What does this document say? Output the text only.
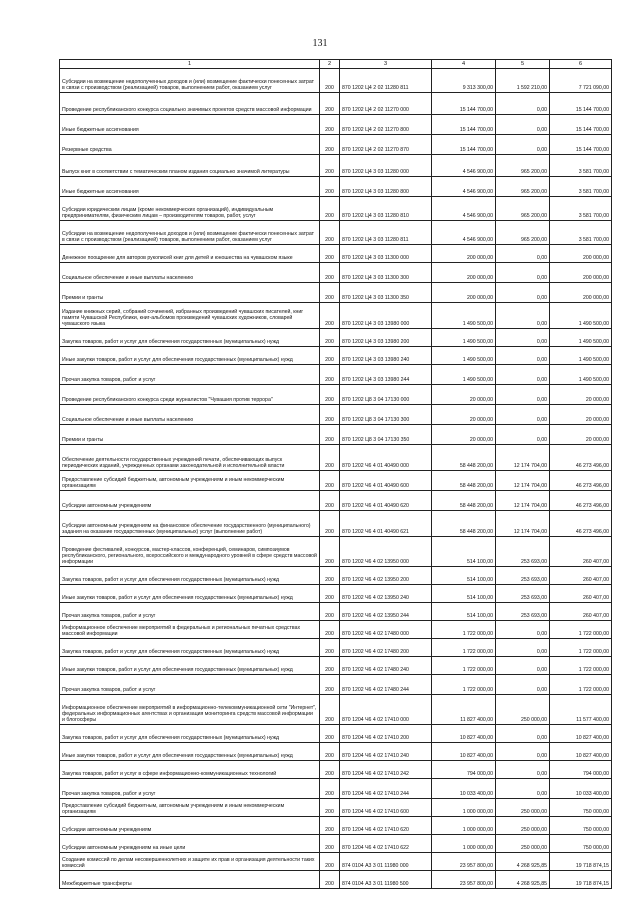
131
1	2	3	4	5	6
Субсидии на возмещение недополученных доходов и (или) возмещение фактически понесенных затрат в связи с производством (реализацией) товаров, выполнением работ, оказанием услуг	200	870 1202 Ц4 2 02 11280 811	9 313 300,00	1 592 210,00	7 721 090,00
Проведение республиканского конкурса социально значимых проектов средств массовой информации	200	870 1202 Ц4 2 02 11270 000	15 144 700,00	0,00	15 144 700,00
Иные бюджетные ассигнования	200	870 1202 Ц4 2 02 11270 800	15 144 700,00	0,00	15 144 700,00
Резервные средства	200	870 1202 Ц4 2 02 11270 870	15 144 700,00	0,00	15 144 700,00
Выпуск книг в соответствии с тематическим планом издания социально значимой литературы	200	870 1202 Ц4 3 03 11280 000	4 546 900,00	965 200,00	3 581 700,00
Иные бюджетные ассигнования	200	870 1202 Ц4 3 03 11280 800	4 546 900,00	965 200,00	3 581 700,00
Субсидии юридическим лицам (кроме некоммерческих организаций), индивидуальным предпринимателям, физическим лицам – производителям товаров, работ, услуг	200	870 1202 Ц4 3 03 11280 810	4 546 900,00	965 200,00	3 581 700,00
Субсидии на возмещение недополученных доходов и (или) возмещение фактически понесенных затрат в связи с производством (реализацией) товаров, выполнением работ, оказанием услуг	200	870 1202 Ц4 3 03 11280 811	4 546 900,00	965 200,00	3 581 700,00
Денежное поощрение для авторов рукописей книг для детей и юношества на чувашском языке	200	870 1202 Ц4 3 03 11300 000	200 000,00	0,00	200 000,00
Социальное обеспечение и иные выплаты населению	200	870 1202 Ц4 3 03 11300 300	200 000,00	0,00	200 000,00
Премии и гранты	200	870 1202 Ц4 3 03 11300 350	200 000,00	0,00	200 000,00
Издание книжных серий, собраний сочинений, избранных произведений чувашских писателей, книг памяти Чувашской Республики, книг-альбомов произведений чувашских художников, словарей чувашского языка	200	870 1202 Ц4 3 03 13980 000	1 490 500,00	0,00	1 490 500,00
Закупка товаров, работ и услуг для обеспечения государственных (муниципальных) нужд	200	870 1202 Ц4 3 03 13980 200	1 490 500,00	0,00	1 490 500,00
Иные закупки товаров, работ и услуг для обеспечения государственных (муниципальных) нужд	200	870 1202 Ц4 3 03 13980 240	1 490 500,00	0,00	1 490 500,00
Прочая закупка товаров, работ и услуг	200	870 1202 Ц4 3 03 13980 244	1 490 500,00	0,00	1 490 500,00
Проведение республиканского конкурса среди журналистов "Чувашия против террора"	200	870 1202 Ц8 3 04 17130 000	20 000,00	0,00	20 000,00
Социальное обеспечение и иные выплаты населению	200	870 1202 Ц8 3 04 17130 300	20 000,00	0,00	20 000,00
Премии и гранты	200	870 1202 Ц8 3 04 17130 350	20 000,00	0,00	20 000,00
Обеспечение деятельности государственных учреждений печати, обеспечивающих выпуск периодических изданий, учрежденных органами законодательной и исполнительной власти	200	870 1202 Ч6 4 01 40490 000	58 448 200,00	12 174 704,00	46 273 496,00
Предоставление субсидий бюджетным, автономным учреждениям и иным некоммерческим организациям	200	870 1202 Ч6 4 01 40490 600	58 448 200,00	12 174 704,00	46 273 496,00
Субсидии автономным учреждениям	200	870 1202 Ч6 4 01 40490 620	58 448 200,00	12 174 704,00	46 273 496,00
Субсидии автономным учреждениям на финансовое обеспечение государственного (муниципального) задания на оказание государственных (муниципальных) услуг (выполнение работ)	200	870 1202 Ч6 4 01 40490 621	58 448 200,00	12 174 704,00	46 273 496,00
Проведение фестивалей, конкурсов, мастер-классов, конференций, семинаров, симпозиумов республиканского, регионального, всероссийского и международного уровней в сфере средств массовой информации	200	870 1202 Ч6 4 02 13950 000	514 100,00	253 693,00	260 407,00
Закупка товаров, работ и услуг для обеспечения государственных (муниципальных) нужд	200	870 1202 Ч6 4 02 13950 200	514 100,00	253 693,00	260 407,00
Иные закупки товаров, работ и услуг для обеспечения государственных (муниципальных) нужд	200	870 1202 Ч6 4 02 13950 240	514 100,00	253 693,00	260 407,00
Прочая закупка товаров, работ и услуг	200	870 1202 Ч6 4 02 13950 244	514 100,00	253 693,00	260 407,00
Информационное обеспечение мероприятий в федеральных и региональных печатных средствах массовой информации	200	870 1202 Ч6 4 02 17480 000	1 722 000,00	0,00	1 722 000,00
Закупка товаров, работ и услуг для обеспечения государственных (муниципальных) нужд	200	870 1202 Ч6 4 02 17480 200	1 722 000,00	0,00	1 722 000,00
Иные закупки товаров, работ и услуг для обеспечения государственных (муниципальных) нужд	200	870 1202 Ч6 4 02 17480 240	1 722 000,00	0,00	1 722 000,00
Прочая закупка товаров, работ и услуг	200	870 1202 Ч6 4 02 17480 244	1 722 000,00	0,00	1 722 000,00
Информационное обеспечение мероприятий в информационно-телекоммуникационной сети "Интернет", федеральных информационных агентствах и организация мониторинга средств массовой информации и блогосферы	200	870 1204 Ч6 4 02 17410 000	11 827 400,00	250 000,00	11 577 400,00
Закупка товаров, работ и услуг для обеспечения государственных (муниципальных) нужд	200	870 1204 Ч6 4 02 17410 200	10 827 400,00	0,00	10 827 400,00
Иные закупки товаров, работ и услуг для обеспечения государственных (муниципальных) нужд	200	870 1204 Ч6 4 02 17410 240	10 827 400,00	0,00	10 827 400,00
Закупка товаров, работ и услуг в сфере информационно-коммуникационных технологий	200	870 1204 Ч6 4 02 17410 242	794 000,00	0,00	794 000,00
Прочая закупка товаров, работ и услуг	200	870 1204 Ч6 4 02 17410 244	10 033 400,00	0,00	10 033 400,00
Предоставление субсидий бюджетным, автономным учреждениям и иным некоммерческим организациям	200	870 1204 Ч6 4 02 17410 600	1 000 000,00	250 000,00	750 000,00
Субсидии автономным учреждениям	200	870 1204 Ч6 4 02 17410 620	1 000 000,00	250 000,00	750 000,00
Субсидии автономным учреждениям на иные цели	200	870 1204 Ч6 4 02 17410 622	1 000 000,00	250 000,00	750 000,00
Создание комиссий по делам несовершеннолетних и защите их прав и организация деятельности таких комиссий	200	874 0104 А3 3 01 11980 000	23 957 800,00	4 268 925,85	19 718 874,15
Межбюджетные трансферты	200	874 0104 А3 3 01 11980 500	23 957 800,00	4 268 925,85	19 718 874,15
